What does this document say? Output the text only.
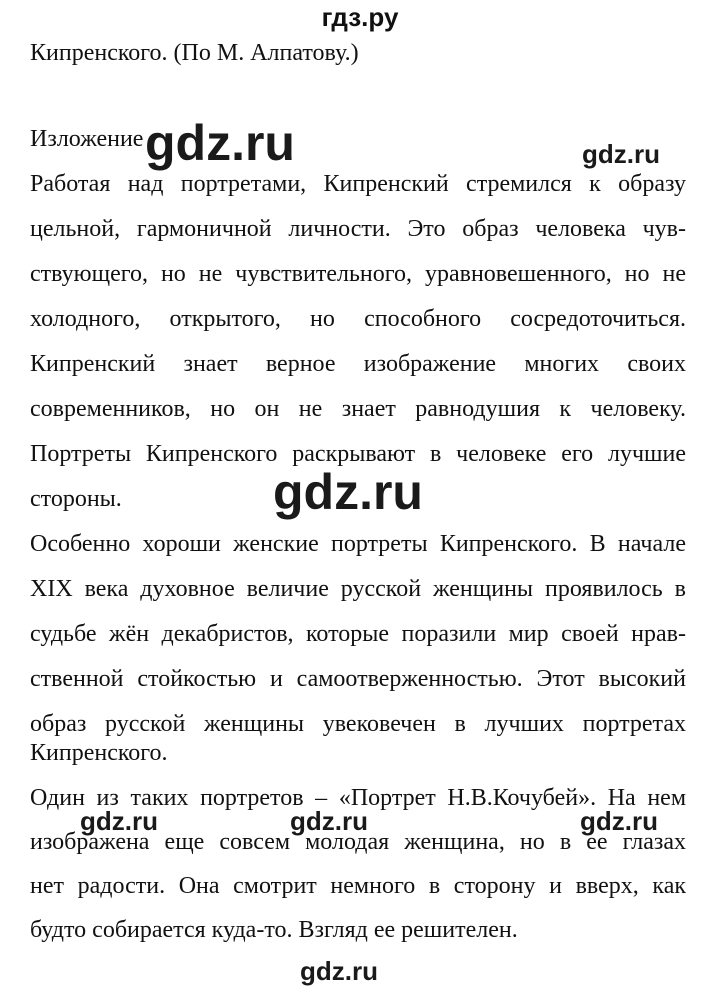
гдз.ру
Кипренского. (По М. Алпатову.)
Изложение
Работая над портретами, Кипренский стремился к образу
цельной, гармоничной личности. Это образ человека чув-
ствующего, но не чувствительного, уравновешенного, но не
холодного, открытого, но способного сосредоточиться.
Кипренский знает верное изображение многих своих
современников, но он не знает равнодушия к человеку.
Портреты Кипренского раскрывают в человеке его лучшие
стороны.
Особенно хороши женские портреты Кипренского. В начале
XIX века духовное величие русской женщины проявилось в
судьбе жён декабристов, которые поразили мир своей нрав-
ственной стойкостью и самоотверженностью. Этот высокий
образ русской женщины увековечен в лучших портретах
Кипренского.
Один из таких портретов – «Портрет Н.В.Кочубей». На нем
изображена еще совсем молодая женщина, но в ее глазах
нет радости. Она смотрит немного в сторону и вверх, как
будто собирается куда-то. Взгляд ее решителен.
gdz.ru	gdz.ru
gdz.ru
gdz.ru	gdz.ru	gdz.ru
gdz.ru
